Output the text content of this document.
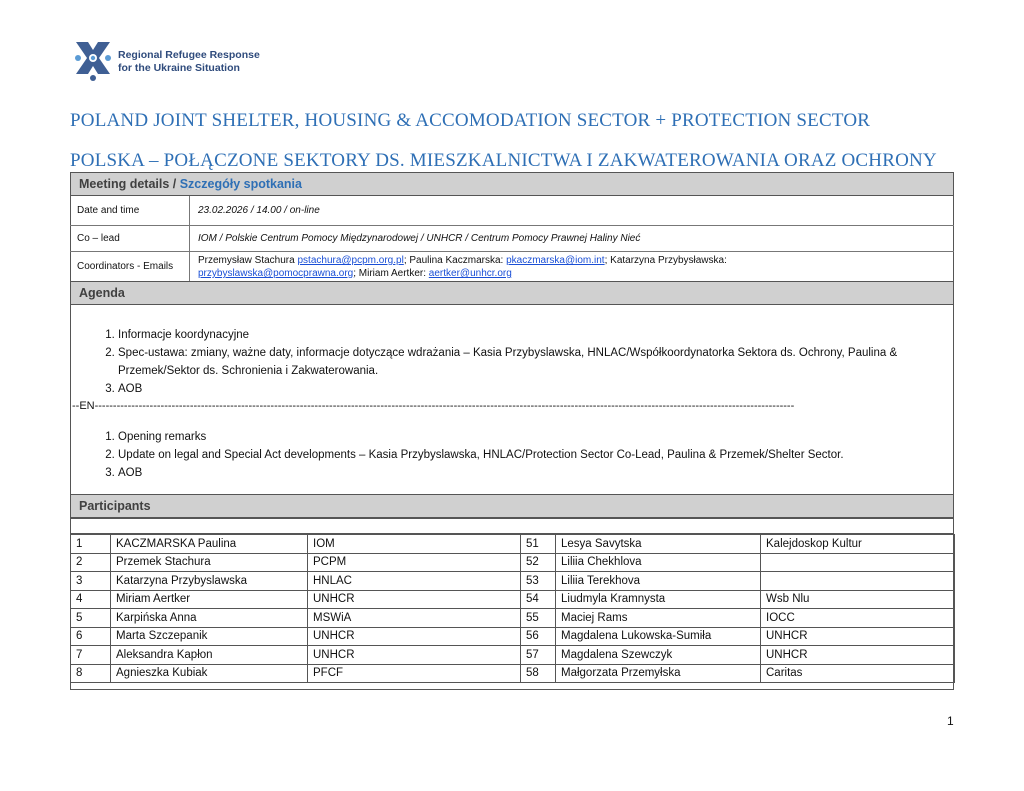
Regional Refugee Response
for the Ukraine Situation
POLAND JOINT SHELTER, HOUSING & ACCOMODATION SECTOR + PROTECTION SECTOR
POLSKA – POŁĄCZONE SEKTORY DS. MIESZKALNICTWA I ZAKWATEROWANIA ORAZ OCHRONY
Meeting details / Szczegóły spotkania
Date and time	23.02.2026 / 14.00 / on-line
Co – lead	IOM / Polskie Centrum Pomocy Międzynarodowej / UNHCR / Centrum Pomocy Prawnej Haliny Nieć
Coordinators - Emails
Przemysław Stachura pstachura@pcpm.org.pl; Paulina Kaczmarska: pkaczmarska@iom.int; Katarzyna Przybysławska:
przybyslawska@pomocprawna.org; Miriam Aertker: aertker@unhcr.org
Agenda
1. Informacje koordynacyjne
2. Spec-ustawa: zmiany, ważne daty, informacje dotyczące wdrażania – Kasia Przybyslawska, HNLAC/Współkoordynatorka Sektora ds. Ochrony, Paulina & Przemek/Sektor ds. Schronienia i Zakwaterowania.
3. AOB
--EN-----------------------------------------------------------------------------------------------------------------------------------------------------------------------------------------------
1. Opening remarks
2. Update on legal and Special Act developments – Kasia Przybyslawska, HNLAC/Protection Sector Co-Lead, Paulina & Przemek/Shelter Sector.
3. AOB
Participants
1	KACZMARSKA Paulina	IOM	51	Lesya Savytska	Kalejdoskop Kultur
2	Przemek Stachura	PCPM	52	Liliia Chekhlova	
3	Katarzyna Przybyslawska	HNLAC	53	Liliia Terekhova	
4	Miriam Aertker	UNHCR	54	Liudmyla Kramnysta	Wsb Nlu
5	Karpińska Anna	MSWiA	55	Maciej Rams	IOCC
6	Marta Szczepanik	UNHCR	56	Magdalena Lukowska-Sumiła	UNHCR
7	Aleksandra Kapłon	UNHCR	57	Magdalena Szewczyk	UNHCR
8	Agnieszka Kubiak	PFCF	58	Małgorzata Przemyłska	Caritas
1
